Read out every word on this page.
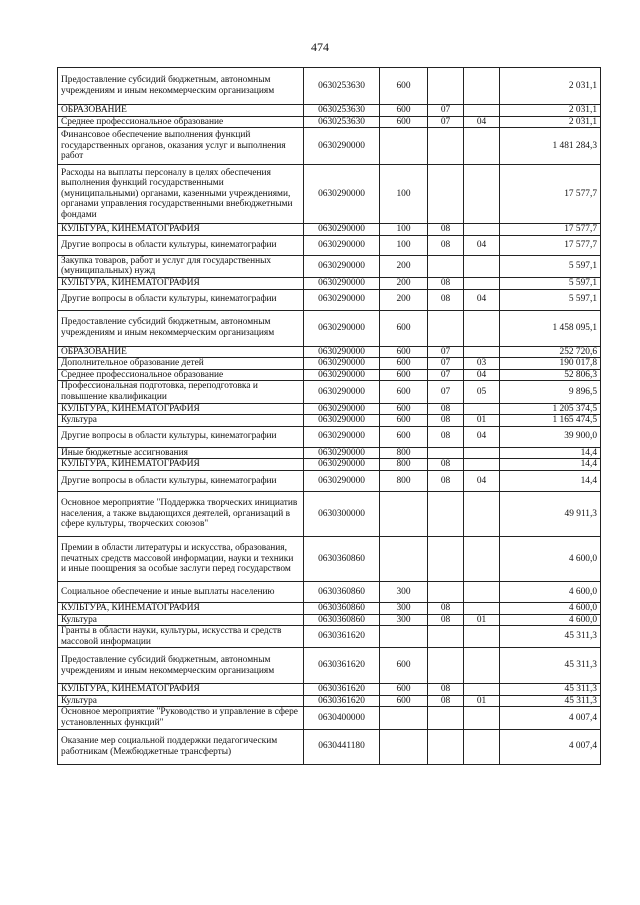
474
Предоставление субсидий бюджетным, автономным учреждениям и иным некоммерческим организациям	0630253630	600			2 031,1
ОБРАЗОВАНИЕ	0630253630	600	07		2 031,1
Среднее профессиональное образование	0630253630	600	07	04	2 031,1
Финансовое обеспечение выполнения функций государственных органов, оказания услуг и выполнения работ	0630290000				1 481 284,3
Расходы на выплаты персоналу в целях обеспечения выполнения функций государственными (муниципальными) органами, казенными учреждениями, органами управления государственными внебюджетными фондами	0630290000	100			17 577,7
КУЛЬТУРА, КИНЕМАТОГРАФИЯ	0630290000	100	08		17 577,7
Другие вопросы в области культуры, кинематографии	0630290000	100	08	04	17 577,7
Закупка товаров, работ и услуг для государственных (муниципальных) нужд	0630290000	200			5 597,1
КУЛЬТУРА, КИНЕМАТОГРАФИЯ	0630290000	200	08		5 597,1
Другие вопросы в области культуры, кинематографии	0630290000	200	08	04	5 597,1
Предоставление субсидий бюджетным, автономным учреждениям и иным некоммерческим организациям	0630290000	600			1 458 095,1
ОБРАЗОВАНИЕ	0630290000	600	07		252 720,6
Дополнительное образование детей	0630290000	600	07	03	190 017,8
Среднее профессиональное образование	0630290000	600	07	04	52 806,3
Профессиональная подготовка, переподготовка и повышение квалификации	0630290000	600	07	05	9 896,5
КУЛЬТУРА, КИНЕМАТОГРАФИЯ	0630290000	600	08		1 205 374,5
Культура	0630290000	600	08	01	1 165 474,5
Другие вопросы в области культуры, кинематографии	0630290000	600	08	04	39 900,0
Иные бюджетные ассигнования	0630290000	800			14,4
КУЛЬТУРА, КИНЕМАТОГРАФИЯ	0630290000	800	08		14,4
Другие вопросы в области культуры, кинематографии	0630290000	800	08	04	14,4
Основное мероприятие "Поддержка творческих инициатив населения, а также выдающихся деятелей, организаций в сфере культуры, творческих союзов"	0630300000				49 911,3
Премии в области литературы и искусства, образования, печатных средств массовой информации, науки и техники и иные поощрения за особые заслуги перед государством	0630360860				4 600,0
Социальное обеспечение и иные выплаты населению	0630360860	300			4 600,0
КУЛЬТУРА, КИНЕМАТОГРАФИЯ	0630360860	300	08		4 600,0
Культура	0630360860	300	08	01	4 600,0
Гранты в области науки, культуры, искусства и средств массовой информации	0630361620				45 311,3
Предоставление субсидий бюджетным, автономным учреждениям и иным некоммерческим организациям	0630361620	600			45 311,3
КУЛЬТУРА, КИНЕМАТОГРАФИЯ	0630361620	600	08		45 311,3
Культура	0630361620	600	08	01	45 311,3
Основное мероприятие "Руководство и управление в сфере установленных функций"	0630400000				4 007,4
Оказание мер социальной поддержки педагогическим работникам (Межбюджетные трансферты)	0630441180				4 007,4
